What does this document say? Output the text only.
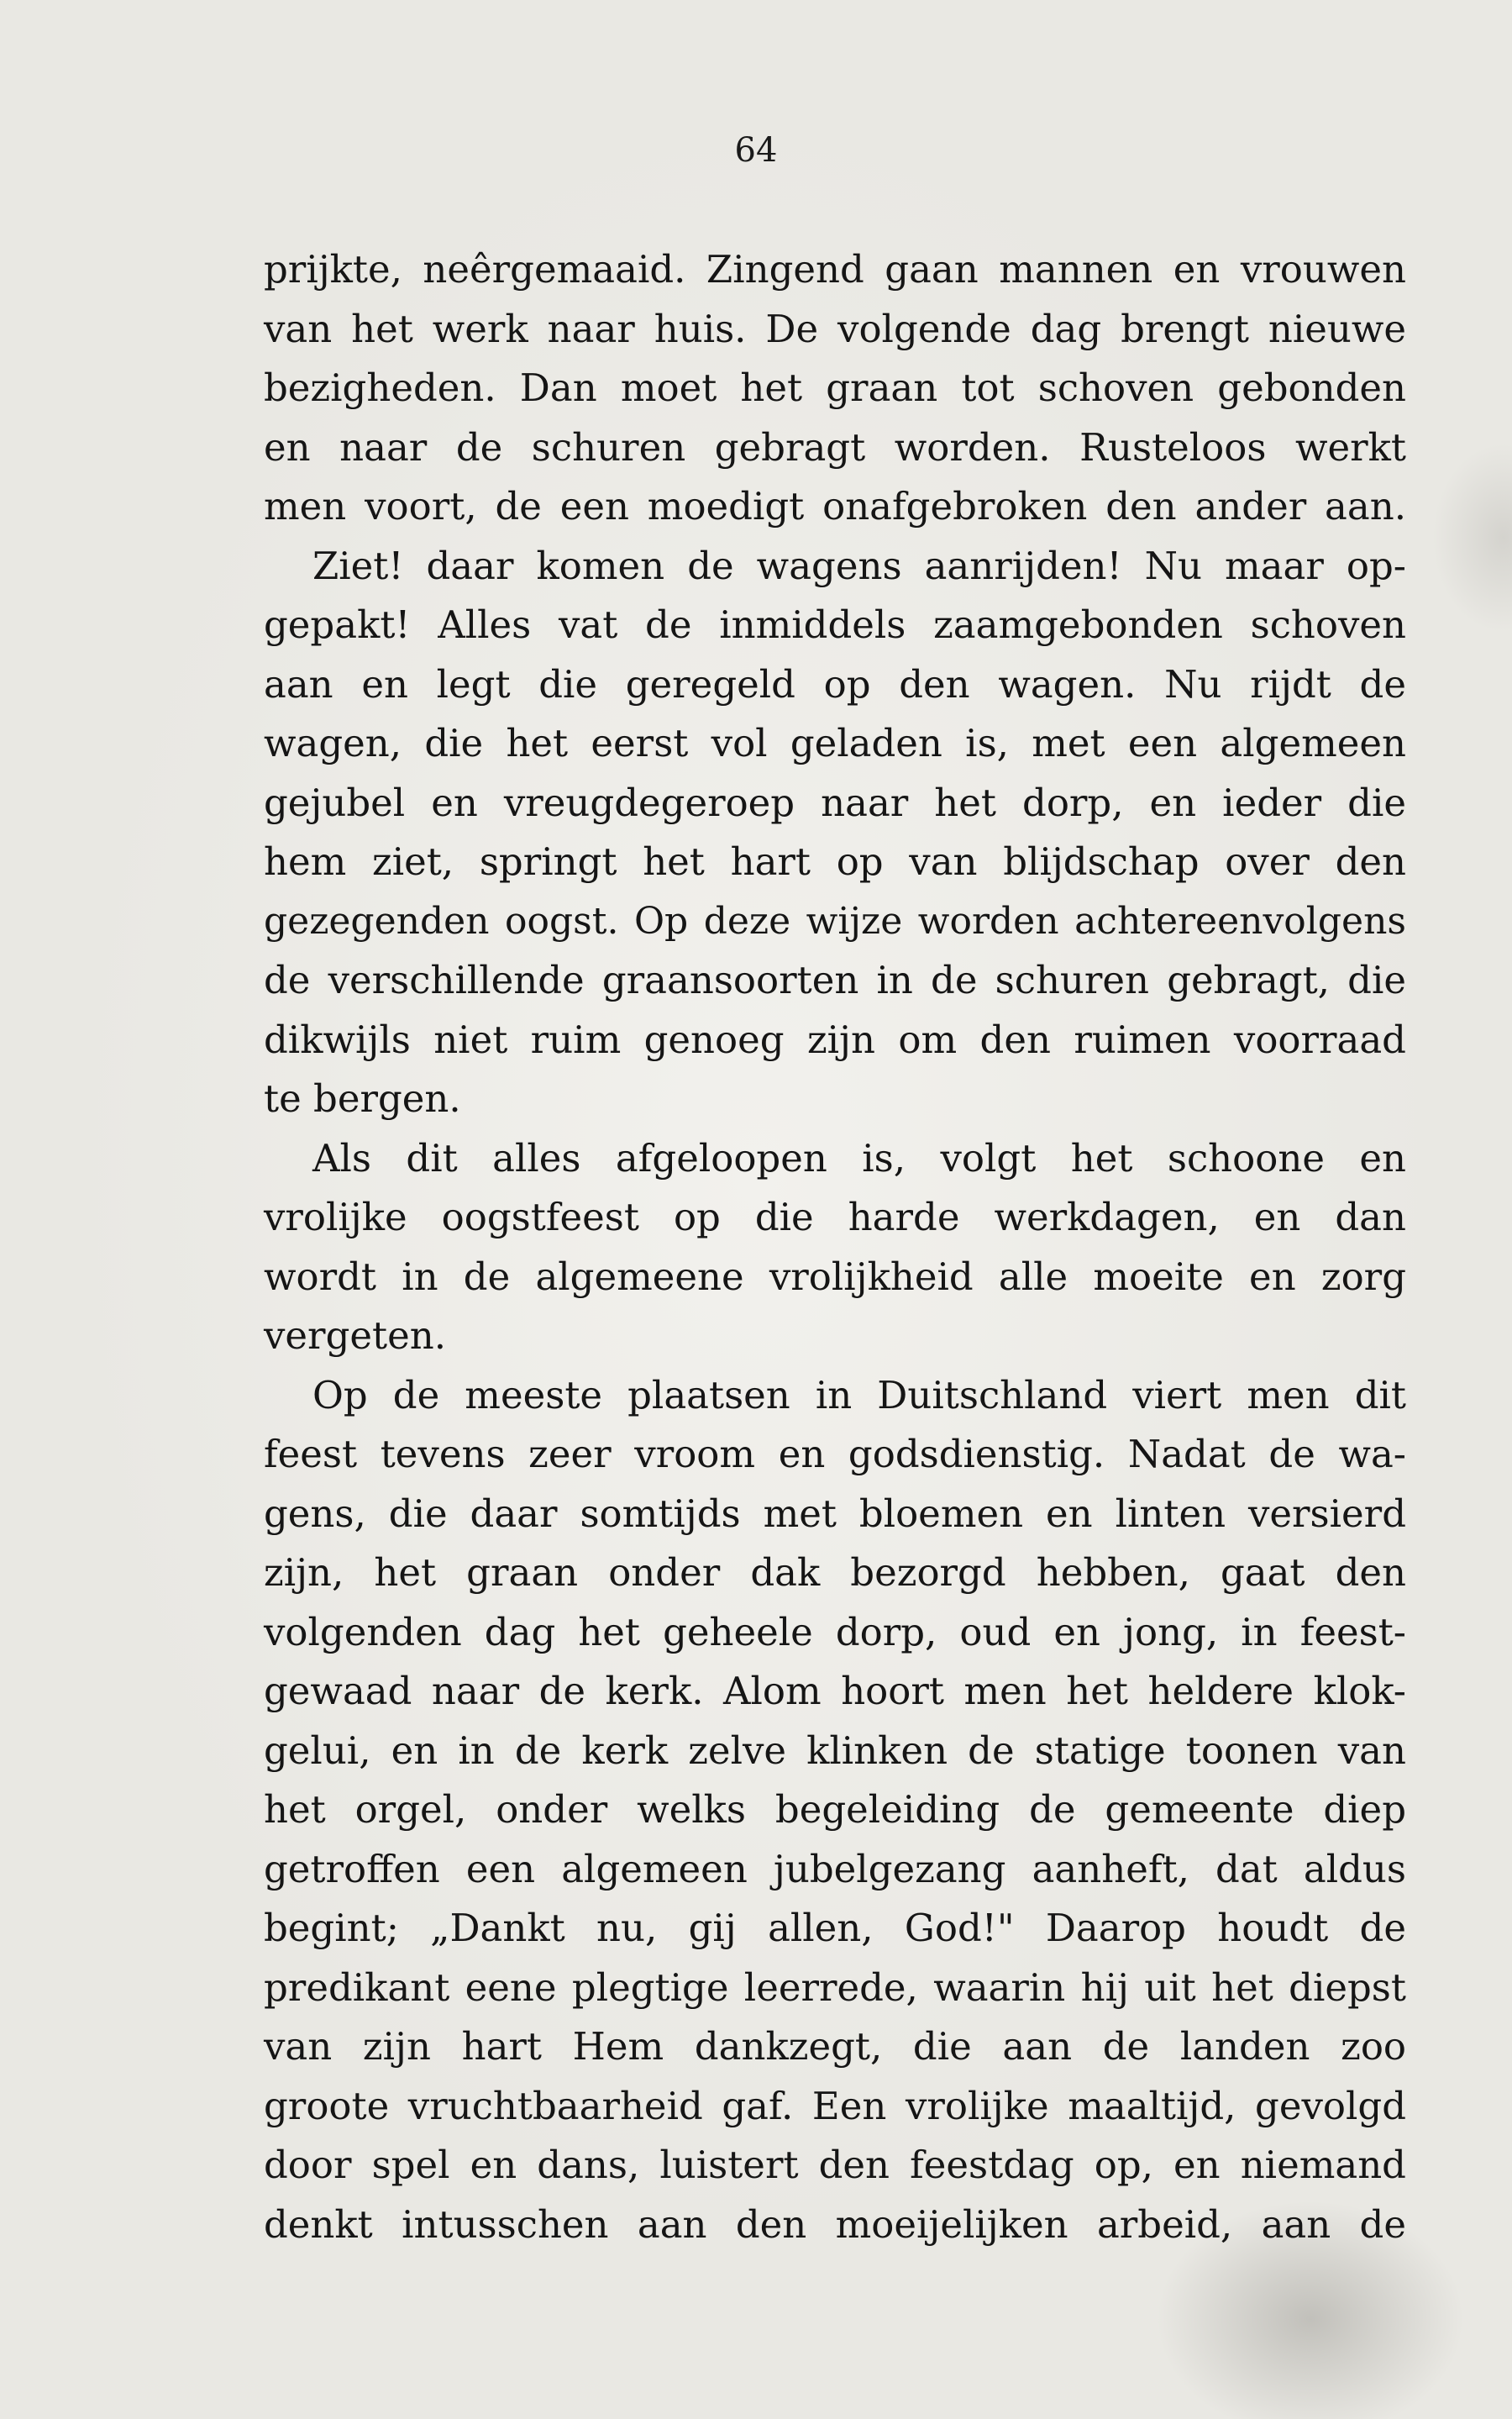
64

prijkte, neêrgemaaid. Zingend gaan mannen en vrouwen
van het werk naar huis. De volgende dag brengt nieuwe
bezigheden. Dan moet het graan tot schoven gebonden
en naar de schuren gebragt worden. Rusteloos werkt
men voort, de een moedigt onafgebroken den ander aan.
Ziet! daar komen de wagens aanrijden! Nu maar op-
gepakt! Alles vat de inmiddels zaamgebonden schoven
aan en legt die geregeld op den wagen. Nu rijdt de
wagen, die het eerst vol geladen is, met een algemeen
gejubel en vreugdegeroep naar het dorp, en ieder die
hem ziet, springt het hart op van blijdschap over den
gezegenden oogst. Op deze wijze worden achtereenvolgens
de verschillende graansoorten in de schuren gebragt, die
dikwijls niet ruim genoeg zijn om den ruimen voorraad
te bergen.
Als dit alles afgeloopen is, volgt het schoone en
vrolijke oogstfeest op die harde werkdagen, en dan
wordt in de algemeene vrolijkheid alle moeite en zorg
vergeten.
Op de meeste plaatsen in Duitschland viert men dit
feest tevens zeer vroom en godsdienstig. Nadat de wa-
gens, die daar somtijds met bloemen en linten versierd
zijn, het graan onder dak bezorgd hebben, gaat den
volgenden dag het geheele dorp, oud en jong, in feest-
gewaad naar de kerk. Alom hoort men het heldere klok-
gelui, en in de kerk zelve klinken de statige toonen van
het orgel, onder welks begeleiding de gemeente diep
getroffen een algemeen jubelgezang aanheft, dat aldus
begint; „Dankt nu, gij allen, God!" Daarop houdt de
predikant eene plegtige leerrede, waarin hij uit het diepst
van zijn hart Hem dankzegt, die aan de landen zoo
groote vruchtbaarheid gaf. Een vrolijke maaltijd, gevolgd
door spel en dans, luistert den feestdag op, en niemand
denkt intusschen aan den moeijelijken arbeid, aan de
